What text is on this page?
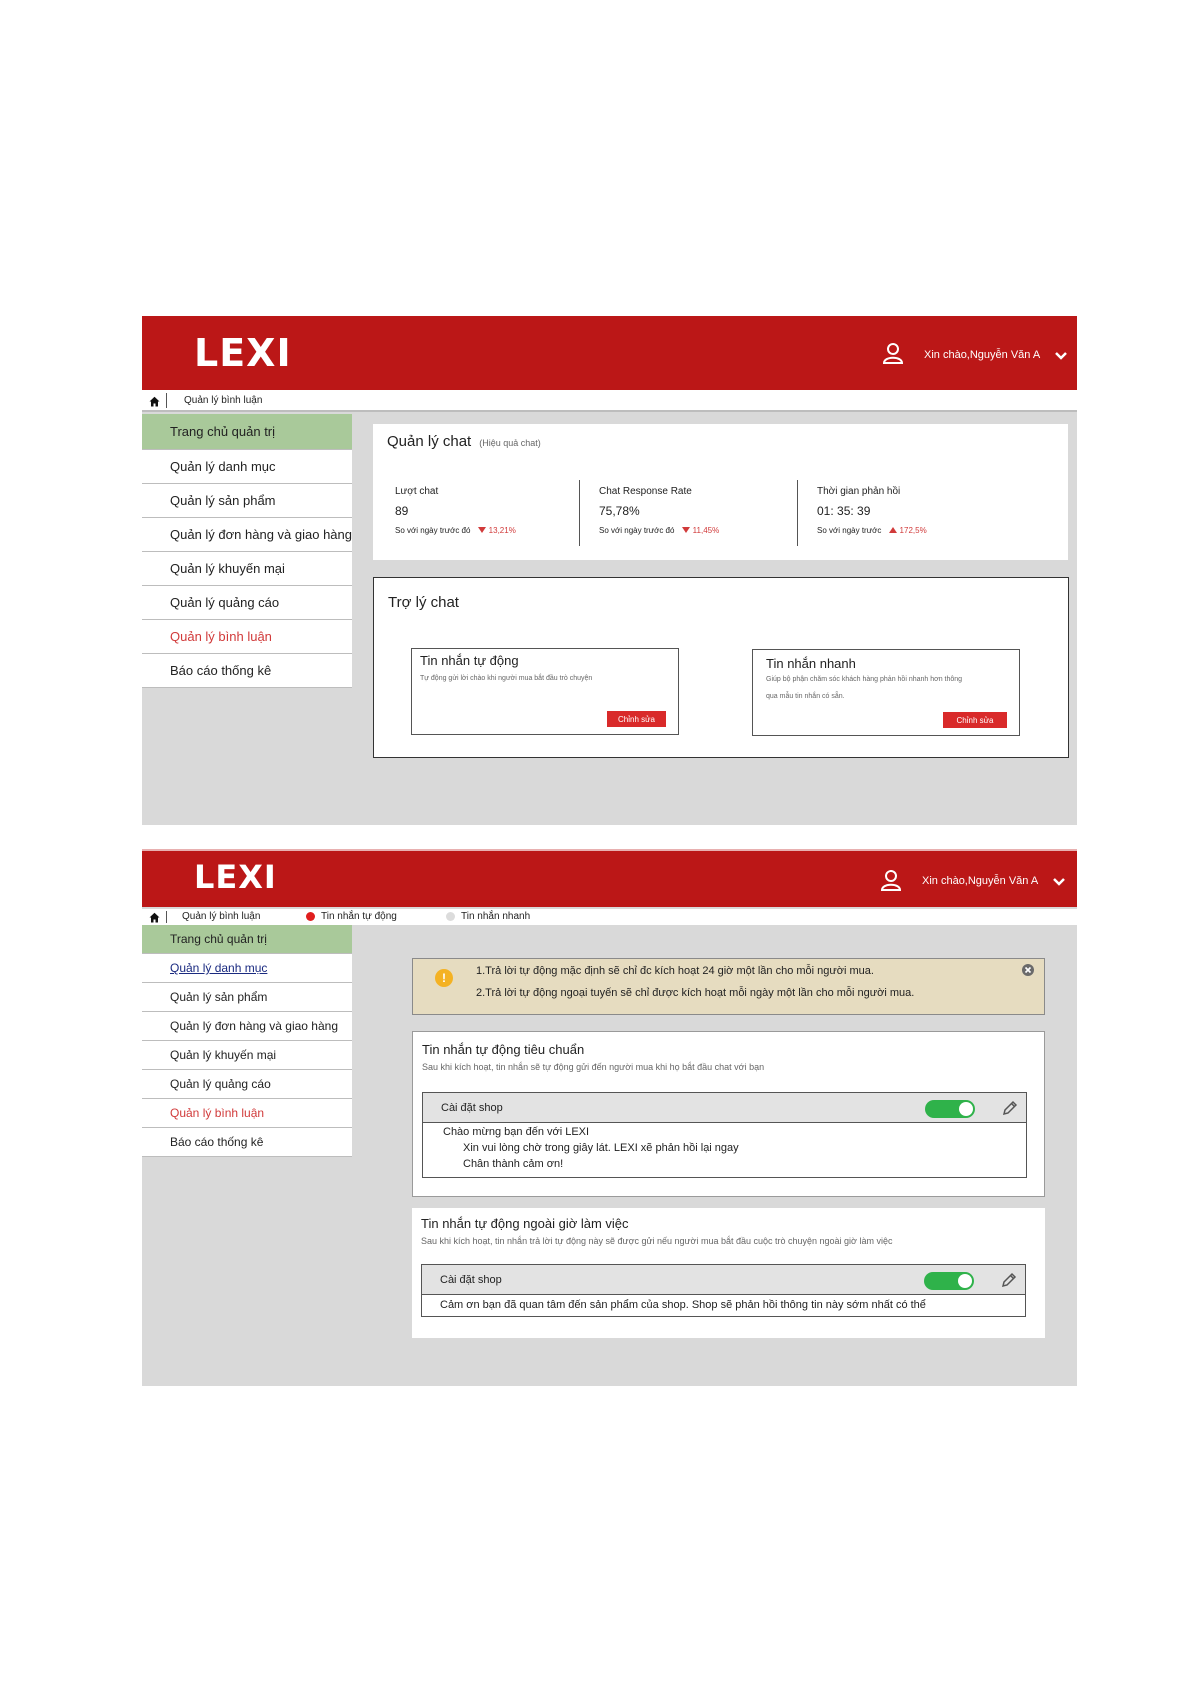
LEXI	Xin chào,Nguyễn Văn A
Quản lý bình luận
Trang chủ quản trị
Quản lý danh mục
Quản lý sản phẩm
Quản lý đơn hàng và giao hàng
Quản lý khuyến mại
Quản lý quảng cáo
Quản lý bình luận
Báo cáo thống kê
Quản lý chat (Hiệu quả chat)
Lượt chat
89
So với ngày trước đó	13,21%
Chat Response Rate
75,78%
So với ngày trước đó	11,45%
Thời gian phản hồi
01: 35: 39
So với ngày trước	172,5%
Trợ lý chat
Tin nhắn tự động
Tự động gửi lời chào khi người mua bắt đầu trò chuyện
Chỉnh sửa
Tin nhắn nhanh
Giúp bộ phận chăm sóc khách hàng phản hồi nhanh hơn thông
qua mẫu tin nhắn có sẵn.
Chỉnh sửa
LEXI	Xin chào,Nguyễn Văn A
Quản lý bình luận	Tin nhắn tự động	Tin nhắn nhanh
Trang chủ quản trị
Quản lý danh mục
Quản lý sản phẩm
Quản lý đơn hàng và giao hàng
Quản lý khuyến mại
Quản lý quảng cáo
Quản lý bình luận
Báo cáo thống kê
!	1.Trả lời tự động mặc định sẽ chỉ đc kích hoạt 24 giờ một lần cho mỗi người mua.
2.Trả lời tự động ngoại tuyến sẽ chỉ được kích hoạt mỗi ngày một lần cho mỗi người mua.
Tin nhắn tự động tiêu chuẩn
Sau khi kích hoạt, tin nhắn sẽ tự động gửi đến người mua khi họ bắt đầu chat với bạn
Cài đặt shop
Chào mừng bạn đến với LEXI
Xin vui lòng chờ trong giây lát. LEXI xẽ phản hồi lại ngay
Chân thành cảm ơn!
Tin nhắn tự động ngoài giờ làm việc
Sau khi kích hoạt, tin nhắn trả lời tự động này sẽ được gửi nếu người mua bắt đầu cuộc trò chuyện ngoài giờ làm việc
Cài đặt shop
Cảm ơn bạn đã quan tâm đến sản phẩm của shop. Shop sẽ phản hồi thông tin này sớm nhất có thể
